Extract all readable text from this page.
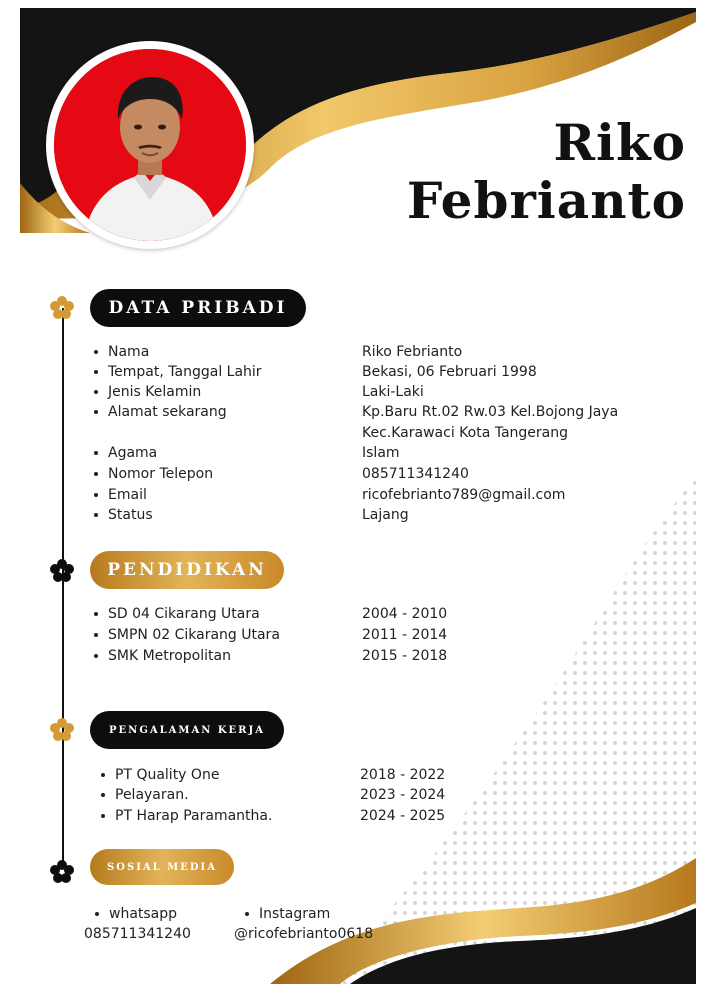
Riko
Febrianto
DATA PRIBADI
Nama	Riko Febrianto
Tempat, Tanggal Lahir	Bekasi, 06 Februari 1998
Jenis Kelamin	Laki-Laki
Alamat sekarang	Kp.Baru Rt.02 Rw.03 Kel.Bojong Jaya
Kec.Karawaci Kota Tangerang
Agama	Islam
Nomor Telepon	085711341240
Email	ricofebrianto789@gmail.com
Status	Lajang
PENDIDIKAN
SD 04 Cikarang Utara	2004 - 2010
SMPN 02 Cikarang Utara	2011 - 2014
SMK Metropolitan	2015 - 2018
PENGALAMAN KERJA
PT Quality One	2018 - 2022
Pelayaran.	2023 - 2024
PT Harap Paramantha.	2024 - 2025
SOSIAL MEDIA
whatsapp
085711341240
Instagram
@ricofebrianto0618
